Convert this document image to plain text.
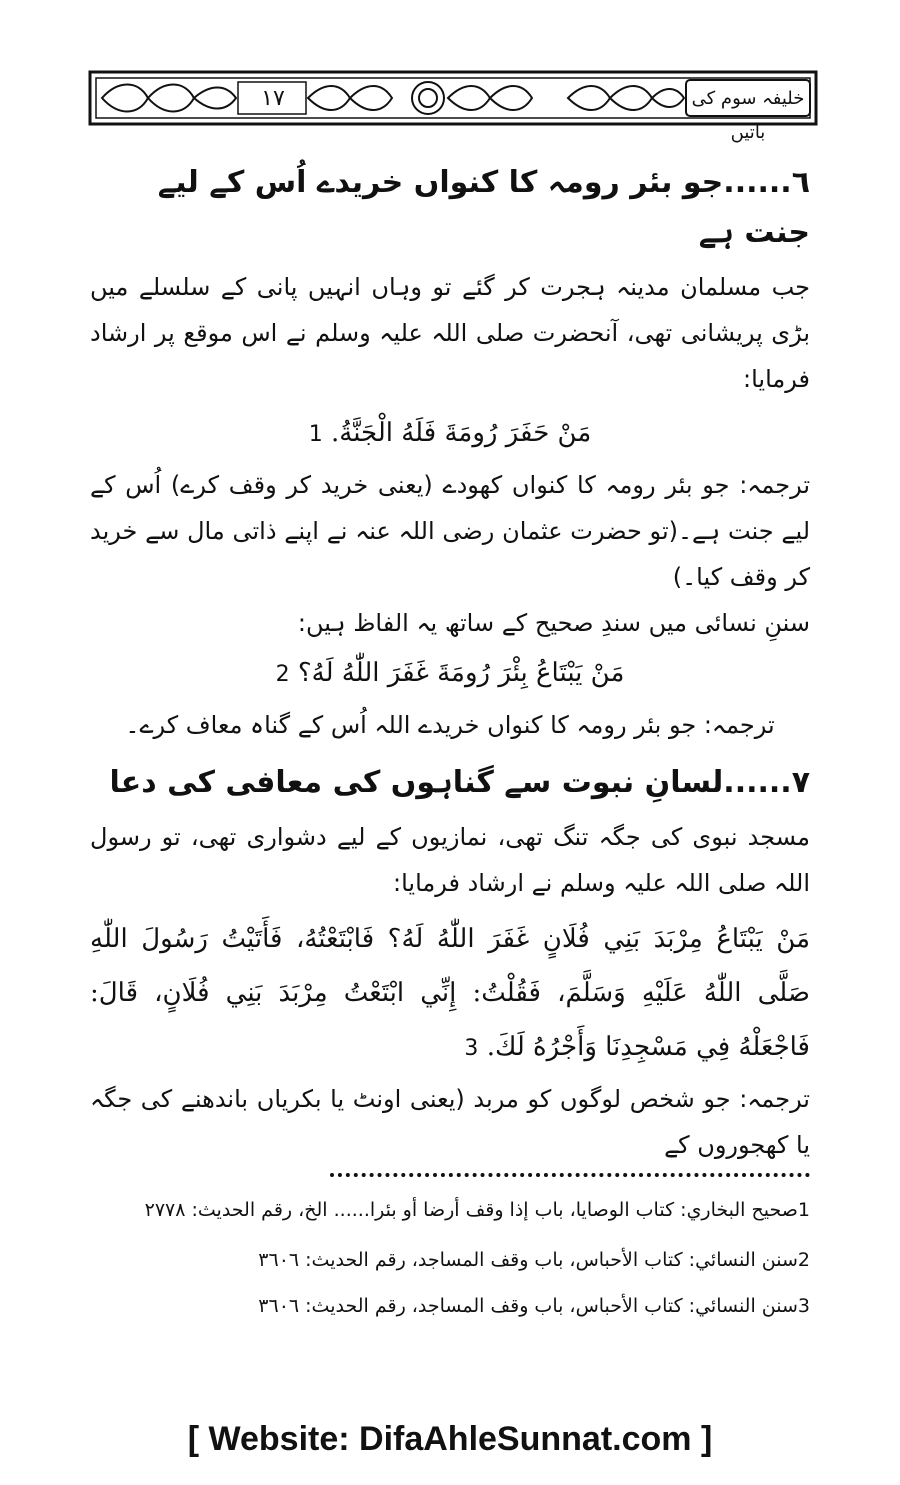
١٧	خلیفہ سوم کی باتیں

٦......جو بئر رومہ کا کنواں خریدے اُس کے لیے جنت ہے

جب مسلمان مدینہ ہجرت کر گئے تو وہاں انہیں پانی کے سلسلے میں بڑی پریشانی تھی، آنحضرت صلی اللہ علیہ وسلم نے اس موقع پر ارشاد فرمایا:

مَنْ حَفَرَ رُومَةَ فَلَهُ الْجَنَّةُ. 1

ترجمہ: جو بئر رومہ کا کنواں کھودے (یعنی خرید کر وقف کرے) اُس کے لیے جنت ہے۔(تو حضرت عثمان رضی اللہ عنہ نے اپنے ذاتی مال سے خرید کر وقف کیا۔)

سننِ نسائی میں سندِ صحیح کے ساتھ یہ الفاظ ہیں:

مَنْ يَبْتَاعُ بِئْرَ رُومَةَ غَفَرَ اللّٰهُ لَهُ؟ 2

ترجمہ: جو بئر رومہ کا کنواں خریدے اللہ اُس کے گناہ معاف کرے۔

٧......لسانِ نبوت سے گناہوں کی معافی کی دعا

مسجد نبوی کی جگہ تنگ تھی، نمازیوں کے لیے دشواری تھی، تو رسول اللہ صلی اللہ علیہ وسلم نے ارشاد فرمایا:

مَنْ يَبْتَاعُ مِرْبَدَ بَنِي فُلَانٍ غَفَرَ اللّٰهُ لَهُ؟ فَابْتَعْتُهُ، فَأَتَيْتُ رَسُولَ اللّٰهِ صَلَّى اللّٰهُ عَلَيْهِ وَسَلَّمَ، فَقُلْتُ: إِنِّي ابْتَعْتُ مِرْبَدَ بَنِي فُلَانٍ، قَالَ: فَاجْعَلْهُ فِي مَسْجِدِنَا وَأَجْرُهُ لَكَ. 3

ترجمہ: جو شخص لوگوں کو مربد (یعنی اونٹ یا بکریاں باندھنے کی جگہ یا کھجوروں کے

1صحيح البخاري: كتاب الوصايا، باب إذا وقف أرضا أو بئرا...... الخ، رقم الحديث: ٢٧٧٨

2سنن النسائي: كتاب الأحباس، باب وقف المساجد، رقم الحديث: ٣٦٠٦

3سنن النسائي: كتاب الأحباس، باب وقف المساجد، رقم الحديث: ٣٦٠٦

[ Website: DifaAhleSunnat.com ]
